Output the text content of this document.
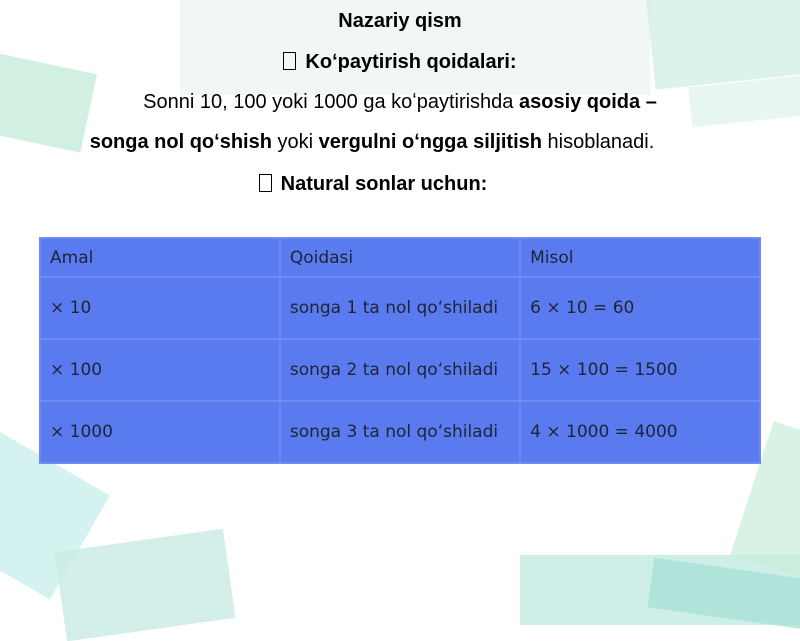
Nazariy qism
Koʻpaytirish qoidalari:
Sonni 10, 100 yoki 1000 ga koʻpaytirishda asosiy qoida –
songa nol qoʻshish yoki vergulni oʻngga siljitish hisoblanadi.
Natural sonlar uchun:
Amal	Qoidasi	Misol
× 10	songa 1 ta nol qoʻshiladi	6 × 10 = 60
× 100	songa 2 ta nol qoʻshiladi	15 × 100 = 1500
× 1000	songa 3 ta nol qoʻshiladi	4 × 1000 = 4000
